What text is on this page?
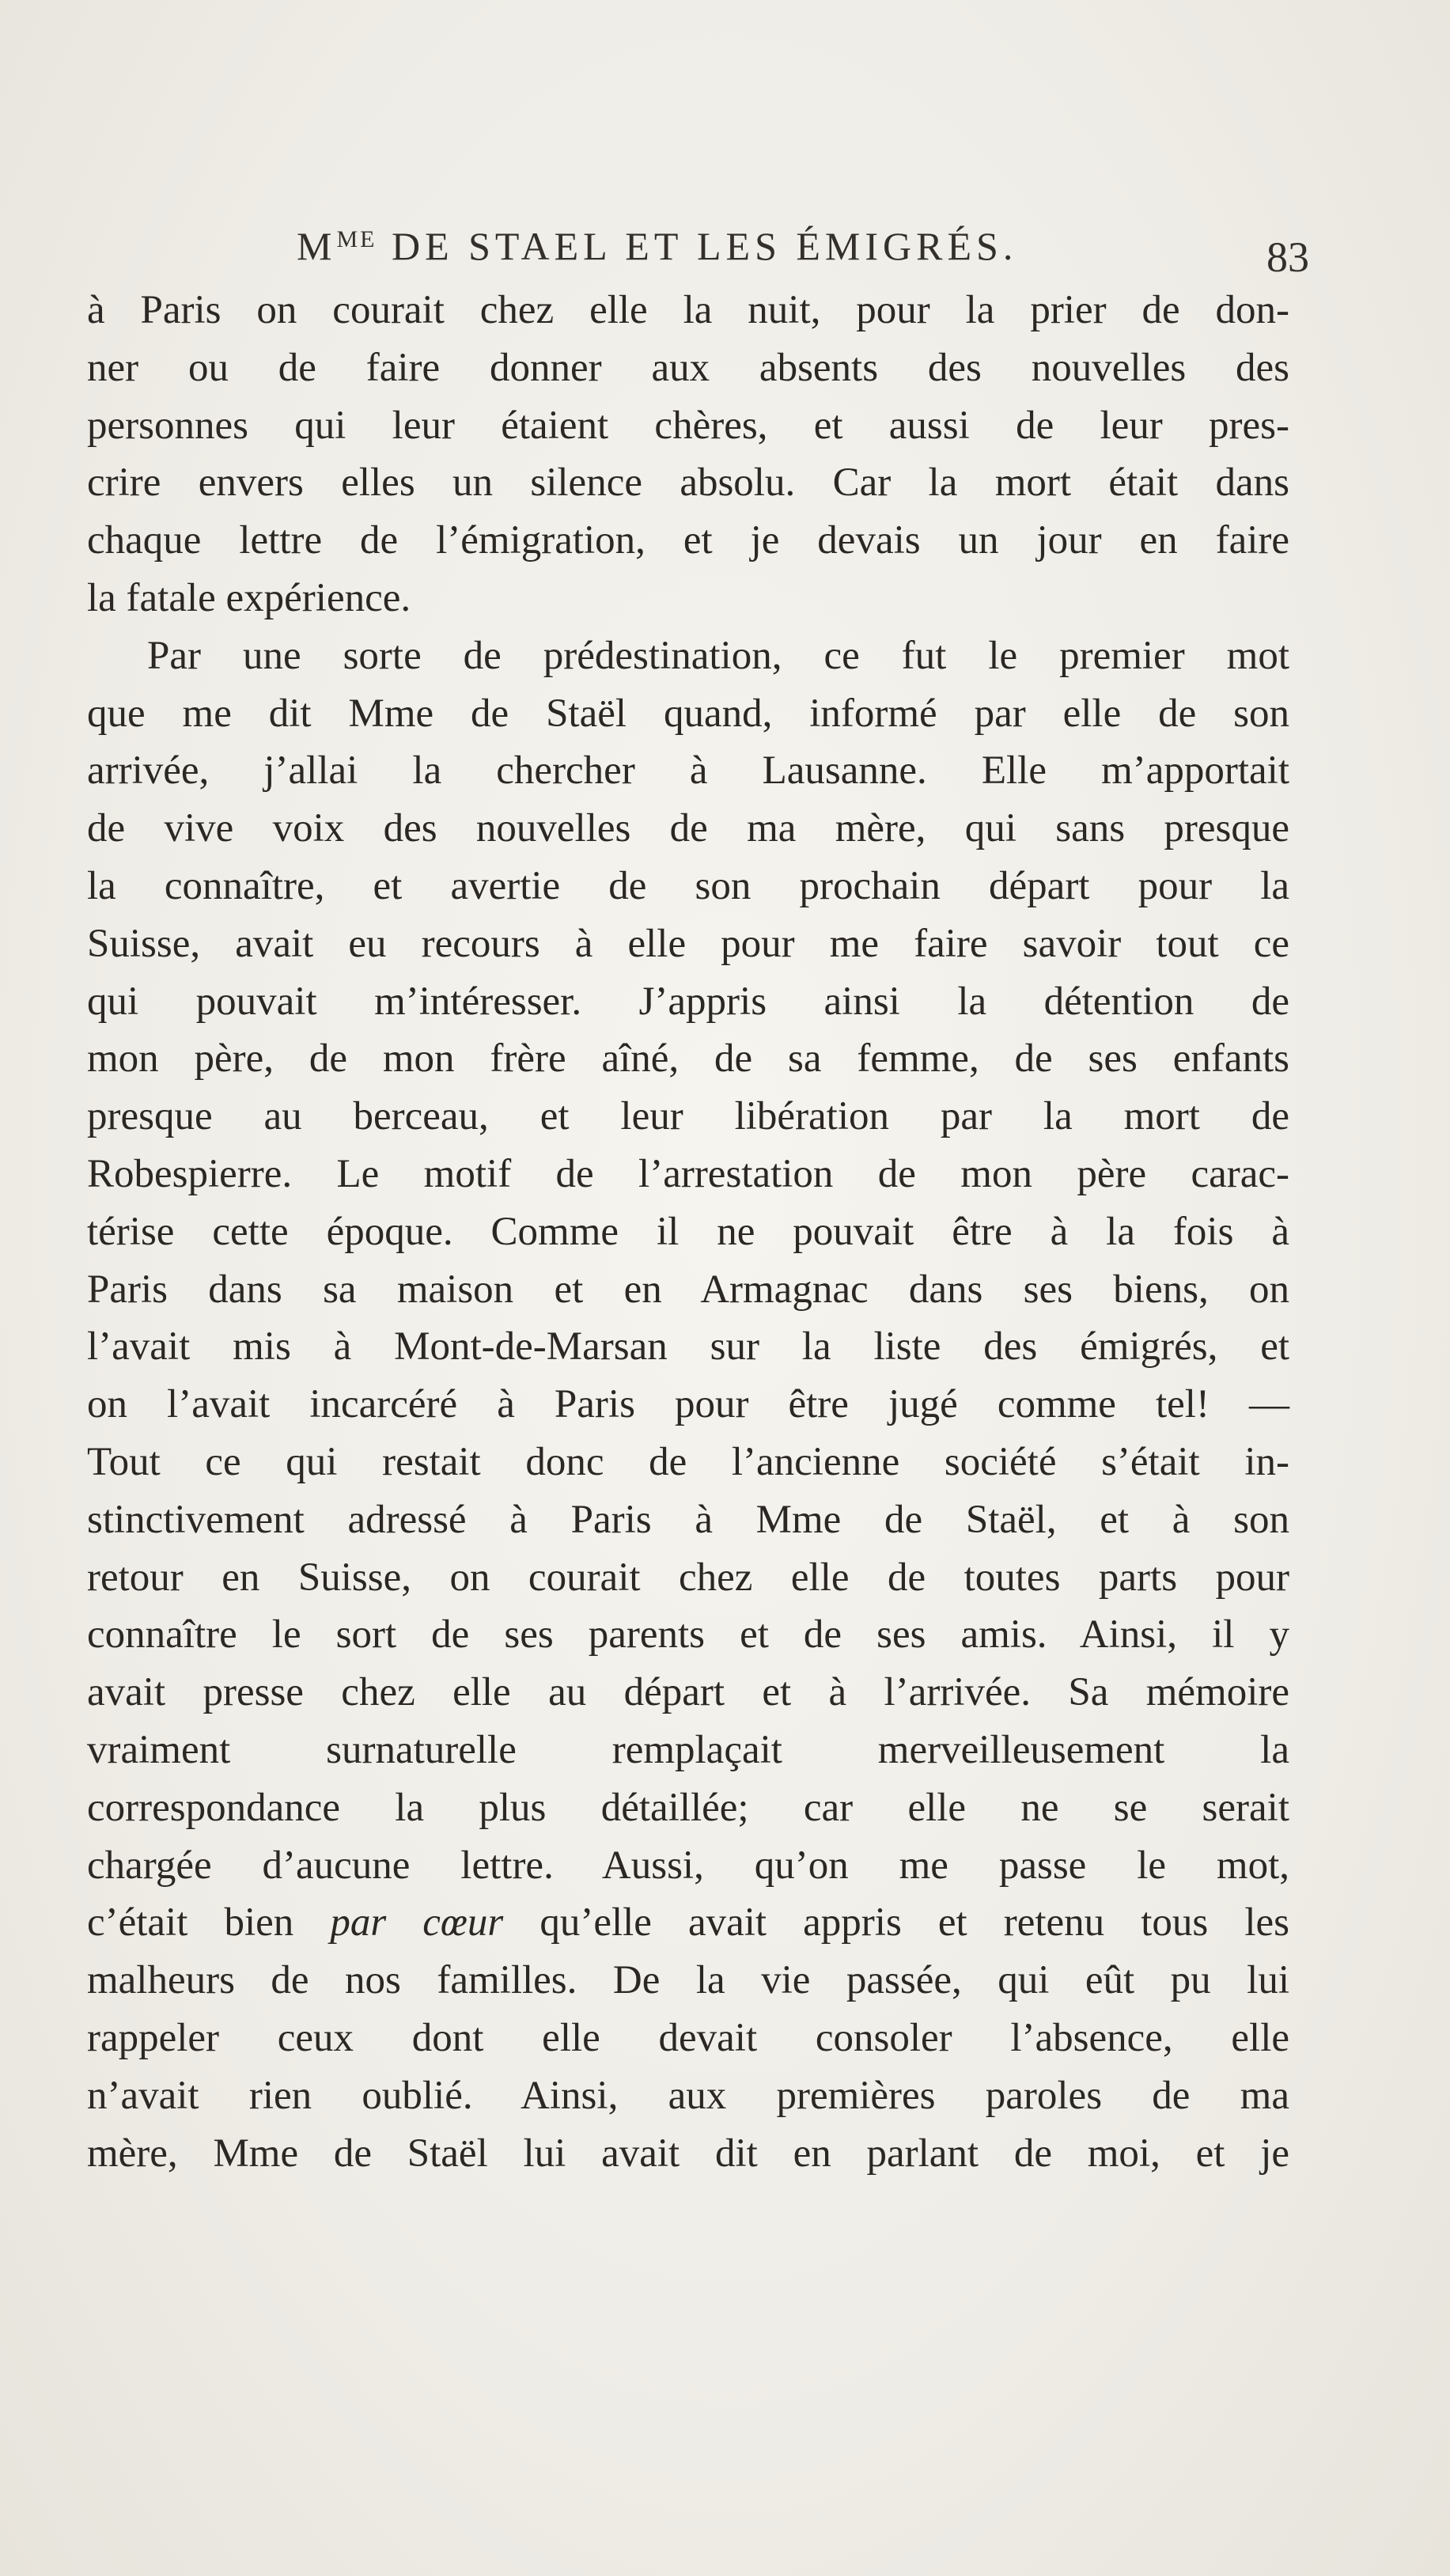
$M^{ME}$ DE STAEL ET LES ÉMIGRÉS.	83
à Paris on courait chez elle la nuit, pour la prier de don-
ner ou de faire donner aux absents des nouvelles des
personnes qui leur étaient chères, et aussi de leur pres-
crire envers elles un silence absolu. Car la mort était dans
chaque lettre de l’émigration, et je devais un jour en faire
la fatale expérience.
Par une sorte de prédestination, ce fut le premier mot
que me dit Mme de Staël quand, informé par elle de son
arrivée, j’allai la chercher à Lausanne. Elle m’apportait
de vive voix des nouvelles de ma mère, qui sans presque
la connaître, et avertie de son prochain départ pour la
Suisse, avait eu recours à elle pour me faire savoir tout ce
qui pouvait m’intéresser. J’appris ainsi la détention de
mon père, de mon frère aîné, de sa femme, de ses enfants
presque au berceau, et leur libération par la mort de
Robespierre. Le motif de l’arrestation de mon père carac-
térise cette époque. Comme il ne pouvait être à la fois à
Paris dans sa maison et en Armagnac dans ses biens, on
l’avait mis à Mont-de-Marsan sur la liste des émigrés, et
on l’avait incarcéré à Paris pour être jugé comme tel! —
Tout ce qui restait donc de l’ancienne société s’était in-
stinctivement adressé à Paris à Mme de Staël, et à son
retour en Suisse, on courait chez elle de toutes parts pour
connaître le sort de ses parents et de ses amis. Ainsi, il y
avait presse chez elle au départ et à l’arrivée. Sa mémoire
vraiment surnaturelle remplaçait merveilleusement la
correspondance la plus détaillée; car elle ne se serait
chargée d’aucune lettre. Aussi, qu’on me passe le mot,
c’était bien par cœur qu’elle avait appris et retenu tous les
malheurs de nos familles. De la vie passée, qui eût pu lui
rappeler ceux dont elle devait consoler l’absence, elle
n’avait rien oublié. Ainsi, aux premières paroles de ma
mère, Mme de Staël lui avait dit en parlant de moi, et je
